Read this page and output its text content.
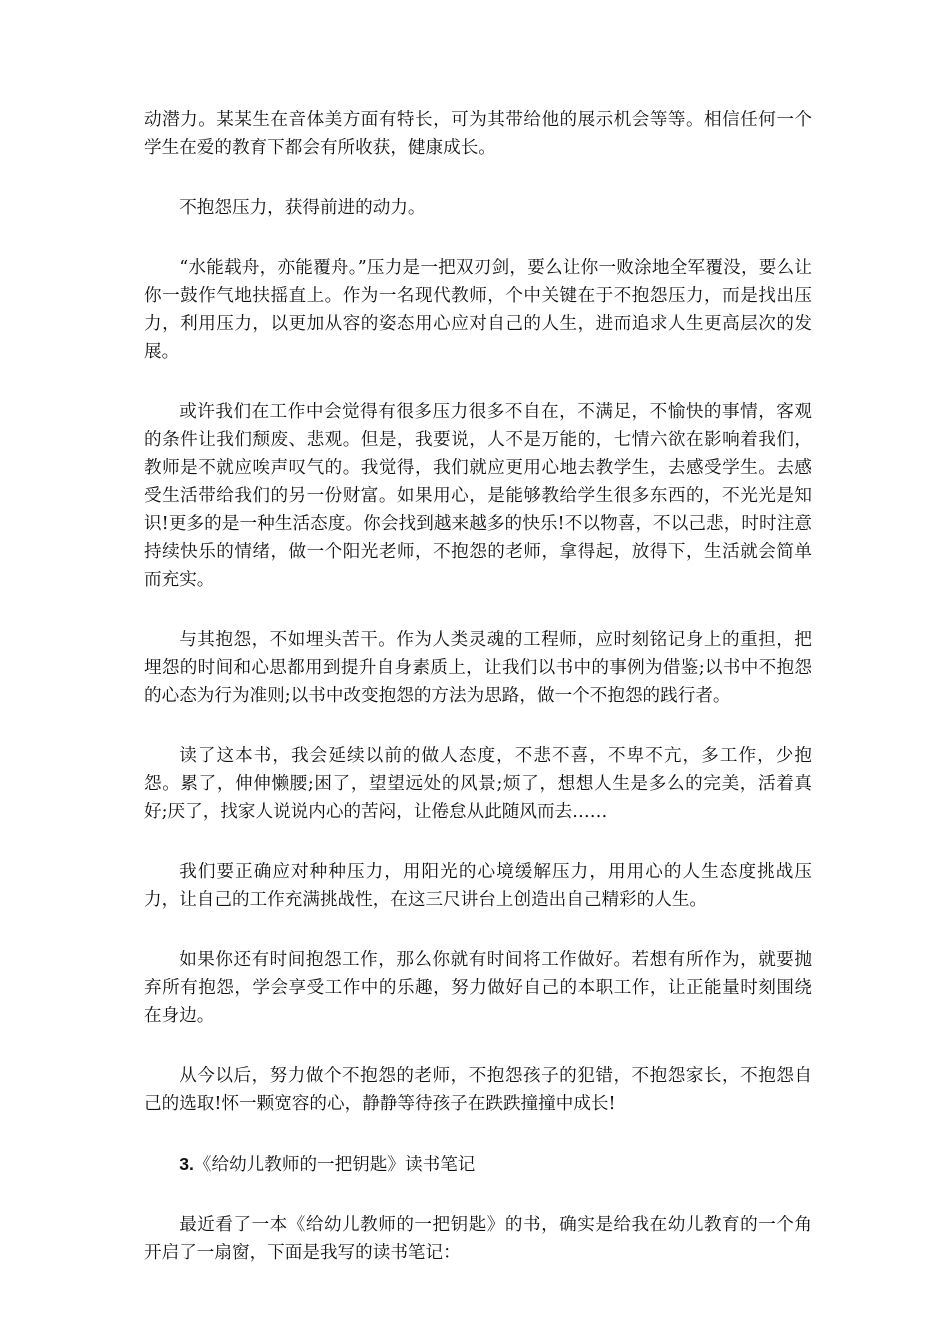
动潜力。某某生在音体美方面有特长，可为其带给他的展示机会等等。相信任何一个学生在爱的教育下都会有所收获，健康成长。

不抱怨压力，获得前进的动力。

“水能载舟，亦能覆舟。”压力是一把双刃剑，要么让你一败涂地全军覆没，要么让你一鼓作气地扶摇直上。作为一名现代教师，个中关键在于不抱怨压力，而是找出压力，利用压力，以更加从容的姿态用心应对自己的人生，进而追求人生更高层次的发展。

或许我们在工作中会觉得有很多压力很多不自在，不满足，不愉快的事情，客观的条件让我们颓废、悲观。但是，我要说，人不是万能的，七情六欲在影响着我们，教师是不就应唉声叹气的。我觉得，我们就应更用心地去教学生，去感受学生。去感受生活带给我们的另一份财富。如果用心，是能够教给学生很多东西的，不光光是知识!更多的是一种生活态度。你会找到越来越多的快乐!不以物喜，不以己悲，时时注意持续快乐的情绪，做一个阳光老师，不抱怨的老师，拿得起，放得下，生活就会简单而充实。

与其抱怨，不如埋头苦干。作为人类灵魂的工程师，应时刻铭记身上的重担，把埋怨的时间和心思都用到提升自身素质上，让我们以书中的事例为借鉴;以书中不抱怨的心态为行为准则;以书中改变抱怨的方法为思路，做一个不抱怨的践行者。

读了这本书，我会延续以前的做人态度，不悲不喜，不卑不亢，多工作，少抱怨。累了，伸伸懒腰;困了，望望远处的风景;烦了，想想人生是多么的完美，活着真好;厌了，找家人说说内心的苦闷，让倦怠从此随风而去……

我们要正确应对种种压力，用阳光的心境缓解压力，用用心的人生态度挑战压力，让自己的工作充满挑战性，在这三尺讲台上创造出自己精彩的人生。

如果你还有时间抱怨工作，那么你就有时间将工作做好。若想有所作为，就要抛弃所有抱怨，学会享受工作中的乐趣，努力做好自己的本职工作，让正能量时刻围绕在身边。

从今以后，努力做个不抱怨的老师，不抱怨孩子的犯错，不抱怨家长，不抱怨自己的选取!怀一颗宽容的心，静静等待孩子在跌跌撞撞中成长!

3.《给幼儿教师的一把钥匙》读书笔记

最近看了一本《给幼儿教师的一把钥匙》的书，确实是给我在幼儿教育的一个角开启了一扇窗，下面是我写的读书笔记：
